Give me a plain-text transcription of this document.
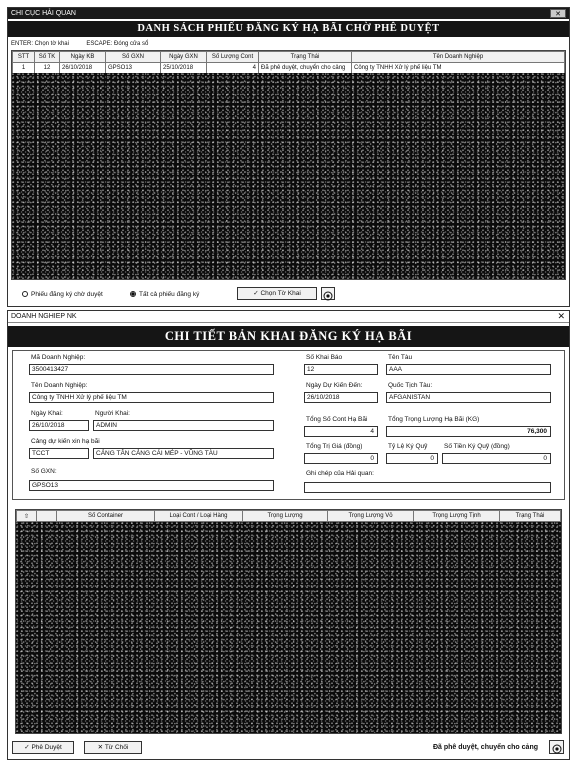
CHI CỤC HẢI QUAN	✕
DANH SÁCH PHIẾU ĐĂNG KÝ HẠ BÃI CHỜ PHÊ DUYỆT
ENTER: Chọn tờ khai	ESCAPE: Đóng cửa sổ
STT	Số TK	Ngày KB	Số GXN	Ngày GXN	Số Lượng Cont	Trạng Thái	Tên Doanh Nghiệp
1	12	26/10/2018	GPSO13	25/10/2018	4	Đã phê duyệt, chuyển cho cảng	Công ty TNHH Xử lý phế liệu TM
Phiếu đăng ký chờ duyệt	Tất cả phiếu đăng ký	✓ Chọn Tờ Khai
DOANH NGHIEP NK	✕
CHI TIẾT BẢN KHAI ĐĂNG KÝ HẠ BÃI
Mã Doanh Nghiệp:
3500413427
Tên Doanh Nghiệp:
Công ty TNHH Xử lý phế liệu TM
Ngày Khai:	Người Khai:
26/10/2018	ADMIN
Cảng dự kiến xin hạ bãi
TCCT	CẢNG TÂN CẢNG CÁI MÉP - VŨNG TÀU
Số GXN:
GPSO13
Số Khai Báo
12
Ngày Dự Kiến Đến:
26/10/2018
Tổng Số Cont Hạ Bãi
4
Tổng Trị Giá (đồng)
0
Ghi chép của Hải quan:
Tên Tàu
AAA
Quốc Tịch Tàu:
AFGANISTAN
Tổng Trọng Lượng Hạ Bãi (KG)
76,300
Tỷ Lệ Ký Quỹ
0
Số Tiền Ký Quỹ (đồng)
0
⇧		Số Container	Loại Cont / Loại Hàng	Trọng Lượng	Trọng Lượng Vỏ	Trọng Lượng Tịnh	Trạng Thái
✓ Phê Duyệt	✕ Từ Chối	Đã phê duyệt, chuyển cho cảng
